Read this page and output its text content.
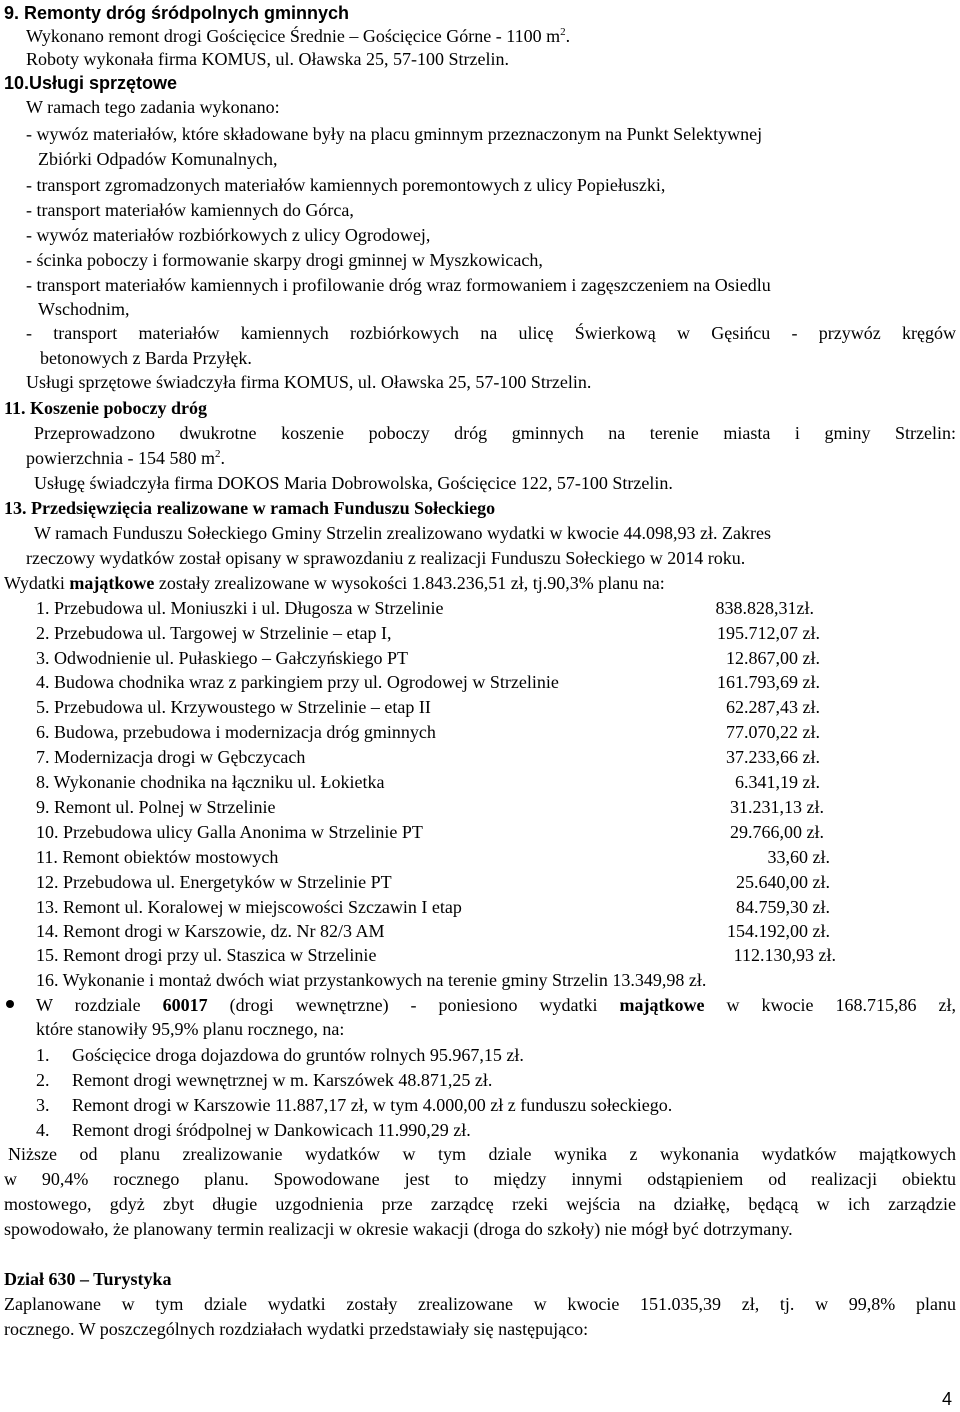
9. Remonty dróg śródpolnych gminnych
Wykonano remont drogi Gościęcice Średnie – Gościęcice Górne - 1100 $m^2$.
Roboty wykonała firma KOMUS, ul. Oławska 25, 57-100 Strzelin.
10.Usługi sprzętowe
W ramach tego zadania wykonano:
- wywóz materiałów, które składowane były na placu gminnym przeznaczonym na Punkt Selektywnej
Zbiórki Odpadów Komunalnych,
- transport zgromadzonych materiałów kamiennych poremontowych z ulicy Popiełuszki,
- transport materiałów kamiennych do Górca,
- wywóz materiałów rozbiórkowych z ulicy Ogrodowej,
- ścinka poboczy i formowanie skarpy drogi gminnej w Myszkowicach,
- transport materiałów kamiennych i profilowanie dróg wraz formowaniem i zagęszczeniem na Osiedlu
Wschodnim,
- transport materiałów kamiennych rozbiórkowych na ulicę Świerkową w Gęsińcu - przywóz kręgów
betonowych z Barda Przyłęk.
Usługi sprzętowe świadczyła firma KOMUS, ul. Oławska 25, 57-100 Strzelin.
11. Koszenie poboczy dróg
Przeprowadzono dwukrotne koszenie poboczy dróg gminnych na terenie miasta i gminy Strzelin:
powierzchnia - 154 580 $m^2$.
Usługę świadczyła firma DOKOS Maria Dobrowolska, Gościęcice 122, 57-100 Strzelin.
13. Przedsięwzięcia realizowane w ramach Funduszu Sołeckiego
W ramach Funduszu Sołeckiego Gminy Strzelin zrealizowano wydatki w kwocie 44.098,93 zł. Zakres
rzeczowy wydatków został opisany w sprawozdaniu z realizacji Funduszu Sołeckiego w 2014 roku.
Wydatki majątkowe zostały zrealizowane w wysokości 1.843.236,51 zł, tj.90,3% planu na:
1. Przebudowa ul. Moniuszki i ul. Długosza w Strzelinie	838.828,31zł.
2. Przebudowa ul. Targowej w Strzelinie – etap I,	195.712,07 zł.
3. Odwodnienie ul. Pułaskiego – Gałczyńskiego PT	12.867,00 zł.
4. Budowa chodnika wraz z parkingiem przy ul. Ogrodowej w Strzelinie	161.793,69 zł.
5. Przebudowa ul. Krzywoustego w Strzelinie – etap II	62.287,43 zł.
6. Budowa, przebudowa i modernizacja dróg gminnych	77.070,22 zł.
7. Modernizacja drogi w Gębczycach	37.233,66 zł.
8. Wykonanie chodnika na łączniku ul. Łokietka	6.341,19 zł.
9. Remont ul. Polnej w Strzelinie	31.231,13 zł.
10. Przebudowa ulicy Galla Anonima w Strzelinie PT	29.766,00 zł.
11. Remont obiektów mostowych	33,60 zł.
12. Przebudowa ul. Energetyków w Strzelinie PT	25.640,00 zł.
13. Remont ul. Koralowej w miejscowości Szczawin I etap	84.759,30 zł.
14. Remont drogi w Karszowie, dz. Nr 82/3 AM	154.192,00 zł.
15. Remont drogi przy ul. Staszica w Strzelinie	112.130,93 zł.
16. Wykonanie i montaż dwóch wiat przystankowych na terenie gminy Strzelin 13.349,98 zł.
W rozdziale 60017 (drogi wewnętrzne) - poniesiono wydatki majątkowe w kwocie 168.715,86 zł,
które stanowiły 95,9% planu rocznego, na:
1. Gościęcice droga dojazdowa do gruntów rolnych 95.967,15 zł.
2. Remont drogi wewnętrznej w m. Karszówek 48.871,25 zł.
3. Remont drogi w Karszowie 11.887,17 zł, w tym 4.000,00 zł z funduszu sołeckiego.
4. Remont drogi śródpolnej w Dankowicach 11.990,29 zł.
Niższe od planu zrealizowanie wydatków w tym dziale wynika z wykonania wydatków majątkowych
w 90,4% rocznego planu. Spowodowane jest to między innymi odstąpieniem od realizacji obiektu
mostowego, gdyż zbyt długie uzgodnienia prze zarządcę rzeki wejścia na działkę, będącą w ich zarządzie
spowodowało, że planowany termin realizacji w okresie wakacji (droga do szkoły) nie mógł być dotrzymany.
Dział 630 – Turystyka
Zaplanowane w tym dziale wydatki zostały zrealizowane w kwocie 151.035,39 zł, tj. w 99,8% planu
rocznego. W poszczególnych rozdziałach wydatki przedstawiały się następująco:
4
